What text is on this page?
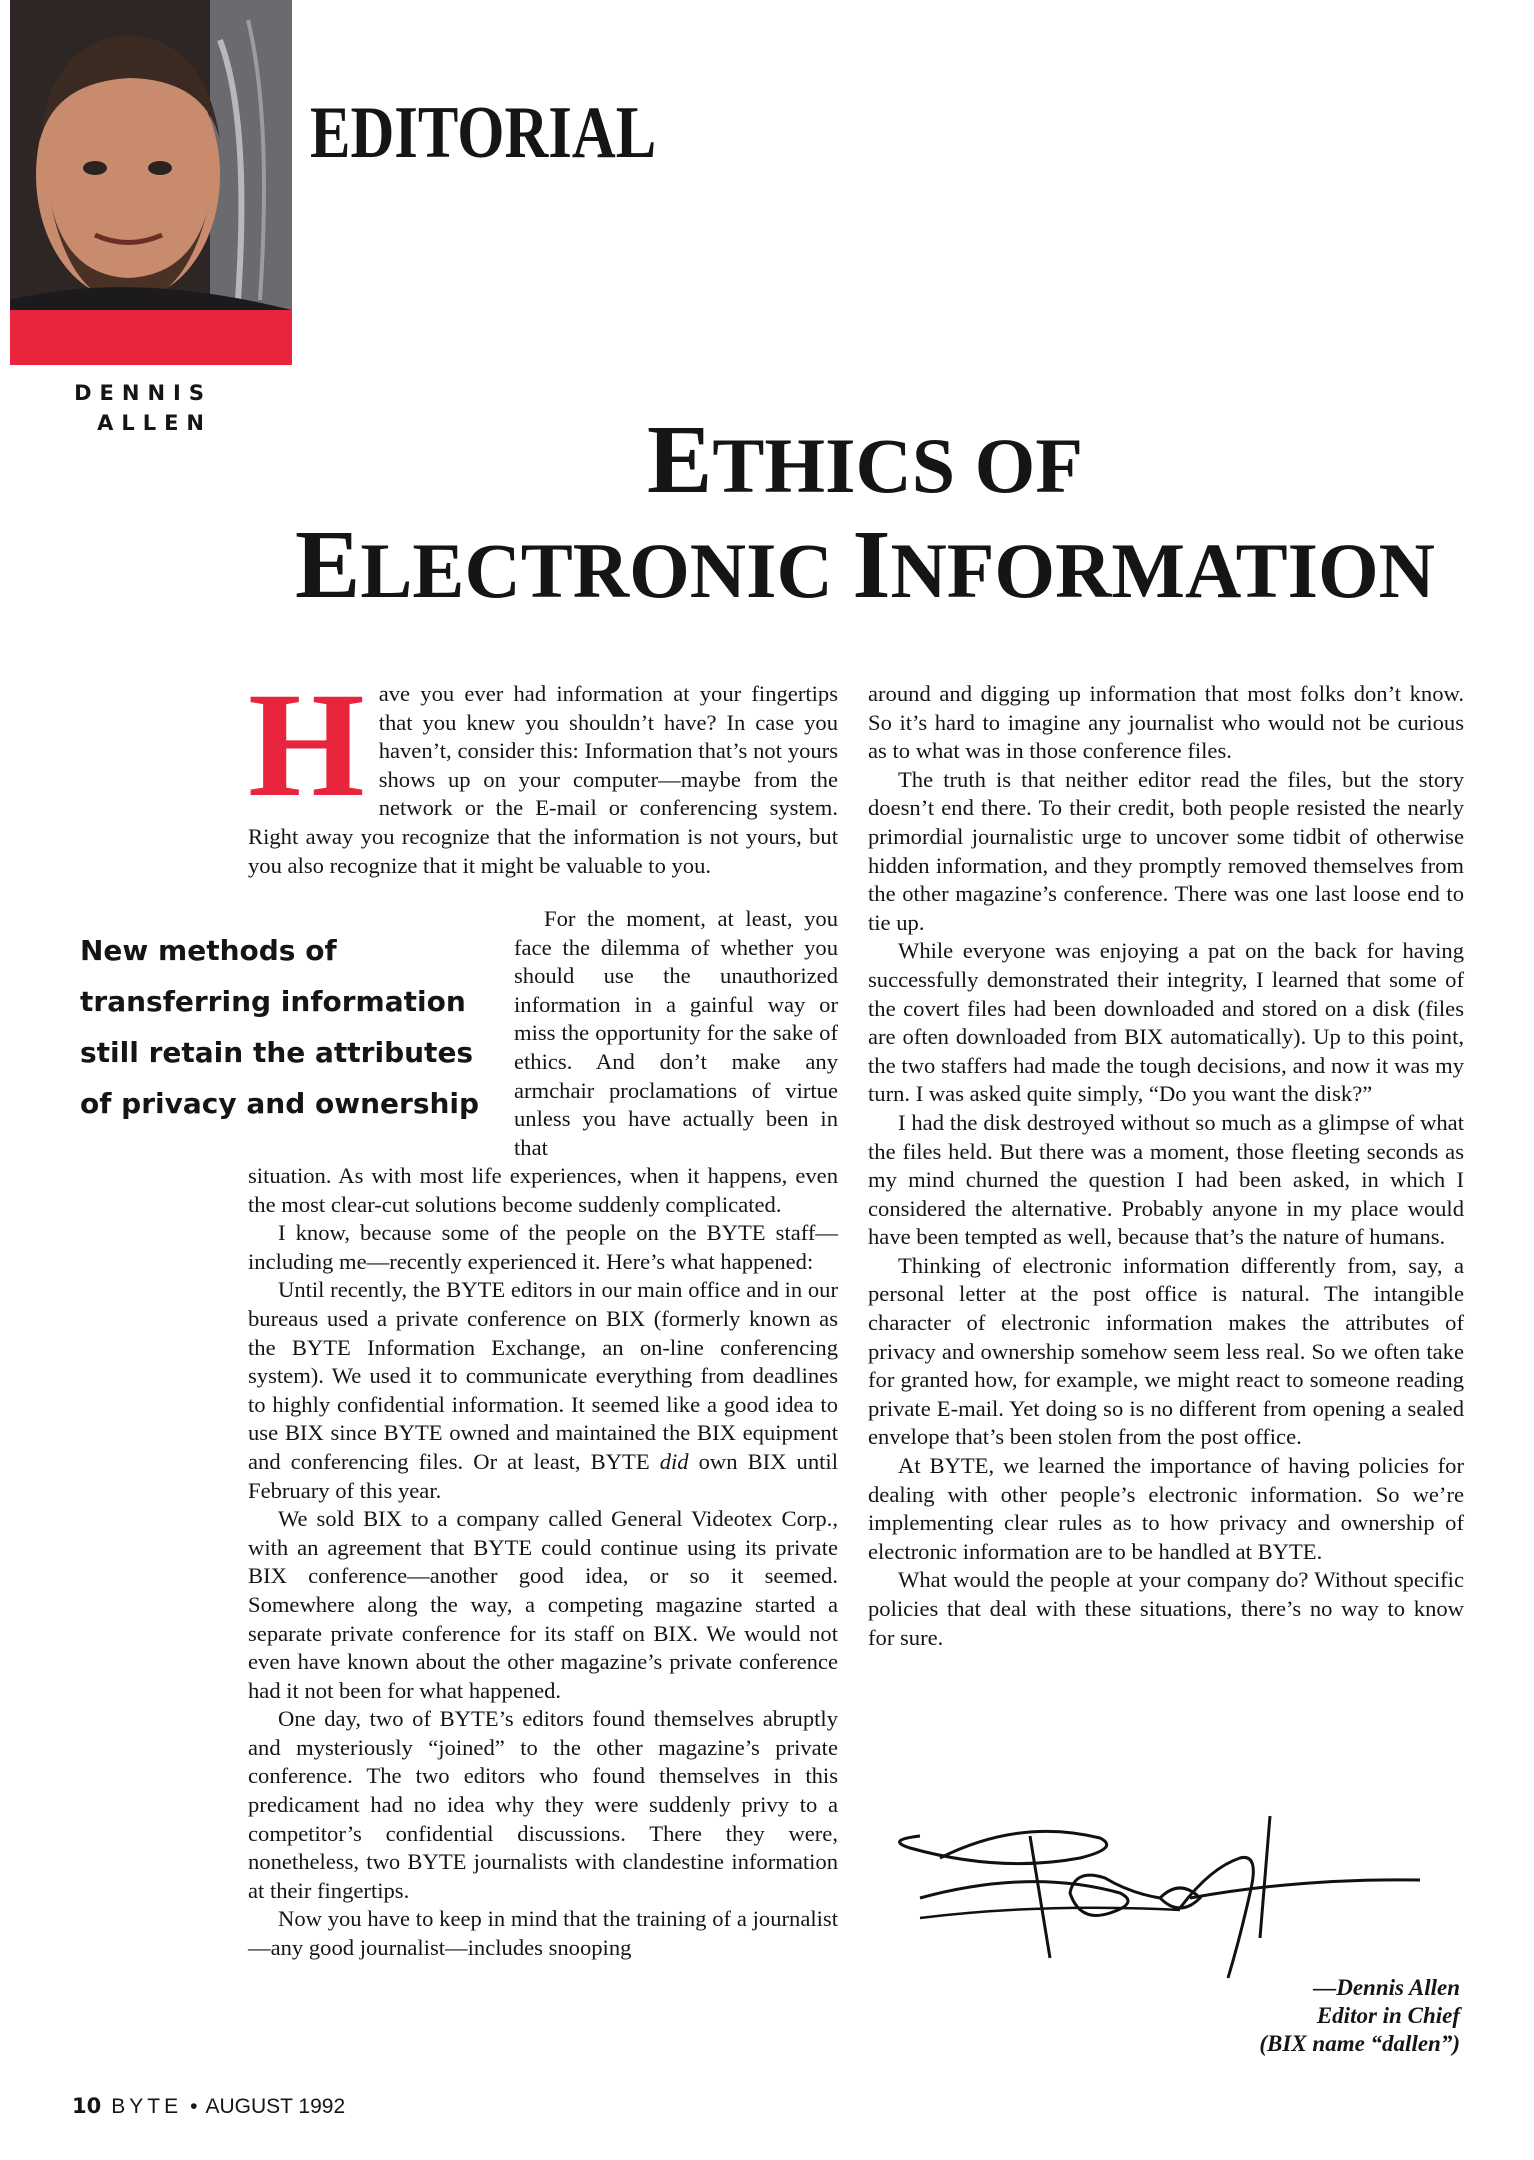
EDITORIAL
DENNIS
ALLEN	ETHICS OF
ELECTRONIC INFORMATION
H ave you ever had information at your fingertips that you knew you shouldn’t have? In case you haven’t, consider this: Information that’s not yours shows up on your computer—maybe from the network or the E-mail or conferencing system. Right away you recognize that the information is not yours, but you also recognize that it might be valuable to you.

New methods of transferring information still retain the attributes of privacy and ownership

For the moment, at least, you face the dilemma of whether you should use the unauthorized information in a gainful way or miss the opportunity for the sake of ethics. And don’t make any armchair proclamations of virtue unless you have actually been in that

situation. As with most life experiences, when it happens, even the most clear-cut solutions become suddenly complicated.

I know, because some of the people on the BYTE staff—including me—recently experienced it. Here’s what happened:

Until recently, the BYTE editors in our main office and in our bureaus used a private conference on BIX (formerly known as the BYTE Information Exchange, an on-line conferencing system). We used it to communicate everything from deadlines to highly confidential information. It seemed like a good idea to use BIX since BYTE owned and maintained the BIX equipment and conferencing files. Or at least, BYTE did own BIX until February of this year.

We sold BIX to a company called General Videotex Corp., with an agreement that BYTE could continue using its private BIX conference—another good idea, or so it seemed. Somewhere along the way, a competing magazine started a separate private conference for its staff on BIX. We would not even have known about the other magazine’s private conference had it not been for what happened.

One day, two of BYTE’s editors found themselves abruptly and mysteriously “joined” to the other magazine’s private conference. The two editors who found themselves in this predicament had no idea why they were suddenly privy to a competitor’s confidential discussions. There they were, nonetheless, two BYTE journalists with clandestine information at their fingertips.

Now you have to keep in mind that the training of a journalist—any good journalist—includes snooping

around and digging up information that most folks don’t know. So it’s hard to imagine any journalist who would not be curious as to what was in those conference files.

The truth is that neither editor read the files, but the story doesn’t end there. To their credit, both people resisted the nearly primordial journalistic urge to uncover some tidbit of otherwise hidden information, and they promptly removed themselves from the other magazine’s conference. There was one last loose end to tie up.

While everyone was enjoying a pat on the back for having successfully demonstrated their integrity, I learned that some of the covert files had been downloaded and stored on a disk (files are often downloaded from BIX automatically). Up to this point, the two staffers had made the tough decisions, and now it was my turn. I was asked quite simply, “Do you want the disk?”

I had the disk destroyed without so much as a glimpse of what the files held. But there was a moment, those fleeting seconds as my mind churned the question I had been asked, in which I considered the alternative. Probably anyone in my place would have been tempted as well, because that’s the nature of humans.

Thinking of electronic information differently from, say, a personal letter at the post office is natural. The intangible character of electronic information makes the attributes of privacy and ownership somehow seem less real. So we often take for granted how, for example, we might react to someone reading private E-mail. Yet doing so is no different from opening a sealed envelope that’s been stolen from the post office.

At BYTE, we learned the importance of having policies for dealing with other people’s electronic information. So we’re implementing clear rules as to how privacy and ownership of electronic information are to be handled at BYTE.

What would the people at your company do? Without specific policies that deal with these situations, there’s no way to know for sure.

—Dennis Allen
Editor in Chief
(BIX name “dallen”)
10 BYTE • AUGUST 1992
